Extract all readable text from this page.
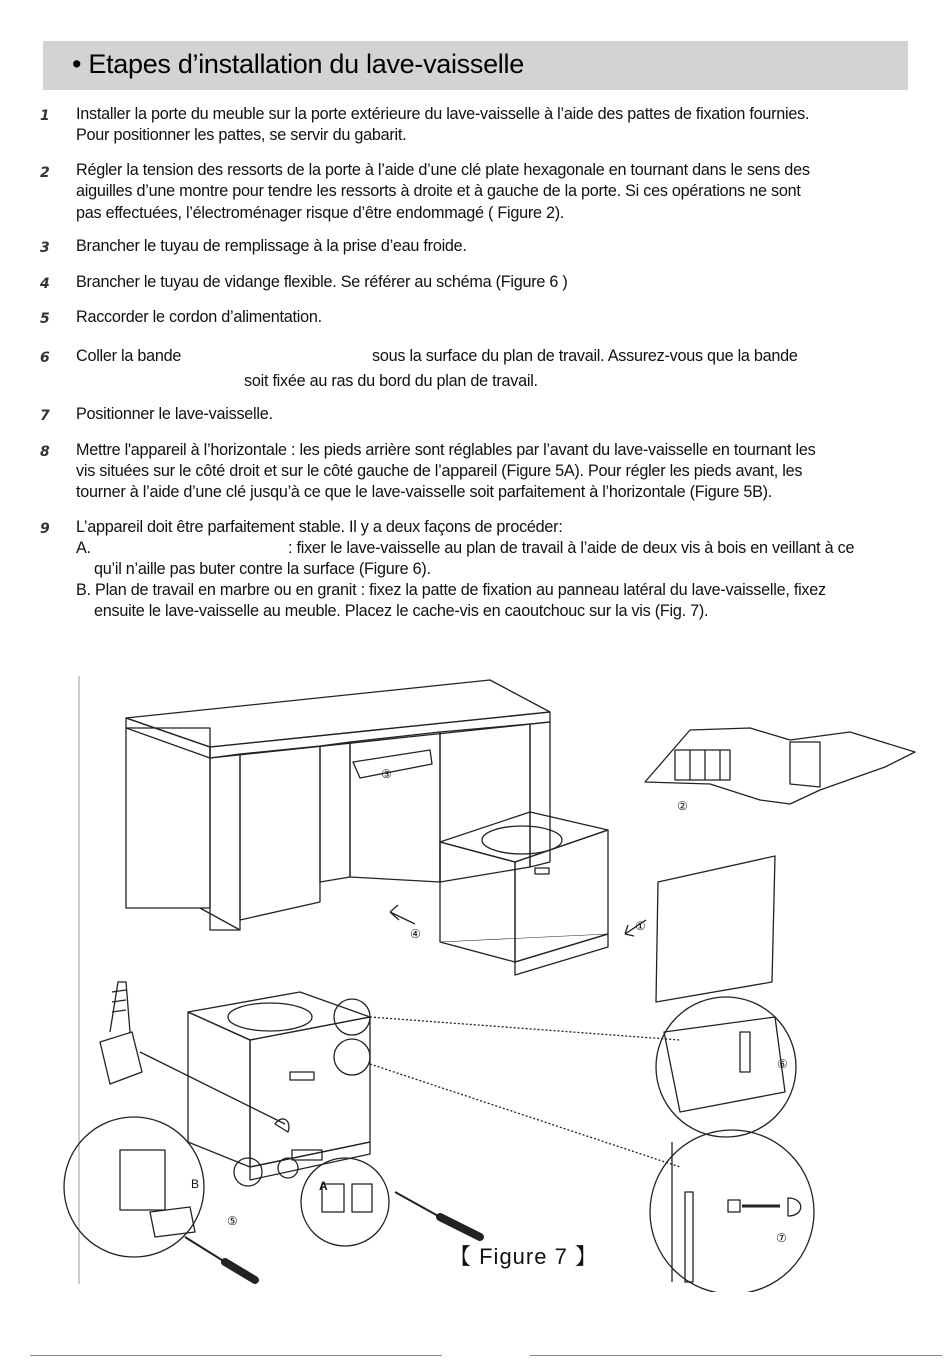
• Etapes d’installation du lave-vaisselle
1 Installer la porte du meuble sur la porte extérieure du lave-vaisselle à l’aide des pattes de fixation fournies.
Pour positionner les pattes, se servir du gabarit.
2 Régler la tension des ressorts de la porte à l’aide d’une clé plate hexagonale en tournant dans le sens des
aiguilles d’une montre pour tendre les ressorts à droite et à gauche de la porte. Si ces opérations ne sont
pas effectuées, l’électroménager risque d’être endommagé ( Figure 2).
3 Brancher le tuyau de remplissage à la prise d’eau froide.
4 Brancher le tuyau de vidange flexible. Se référer au schéma (Figure 6 )
5 Raccorder le cordon d’alimentation.
6 Coller la bande	sous la surface du plan de travail. Assurez-vous que la bande
soit fixée au ras du bord du plan de travail.
7 Positionner le lave-vaisselle.
8 Mettre l'appareil à l’horizontale : les pieds arrière sont réglables par l’avant du lave-vaisselle en tournant les
vis situées sur le côté droit et sur le côté gauche de l’appareil (Figure 5A). Pour régler les pieds avant, les
tourner à l’aide d’une clé jusqu’à ce que le lave-vaisselle soit parfaitement à l’horizontale (Figure 5B).
9 L’appareil doit être parfaitement stable. Il y a deux façons de procéder:
A.	: fixer le lave-vaisselle au plan de travail à l’aide de deux vis à bois en veillant à ce
qu’il n’aille pas buter contre la surface (Figure 6).
B. Plan de travail en marbre ou en granit : fixez la patte de fixation au panneau latéral du lave-vaisselle, fixez
ensuite le lave-vaisselle au meuble. Placez le cache-vis en caoutchouc sur la vis (Fig. 7).
①
②
③
④
⑤
⑥
⑦
A
B
【 Figure 7 】
